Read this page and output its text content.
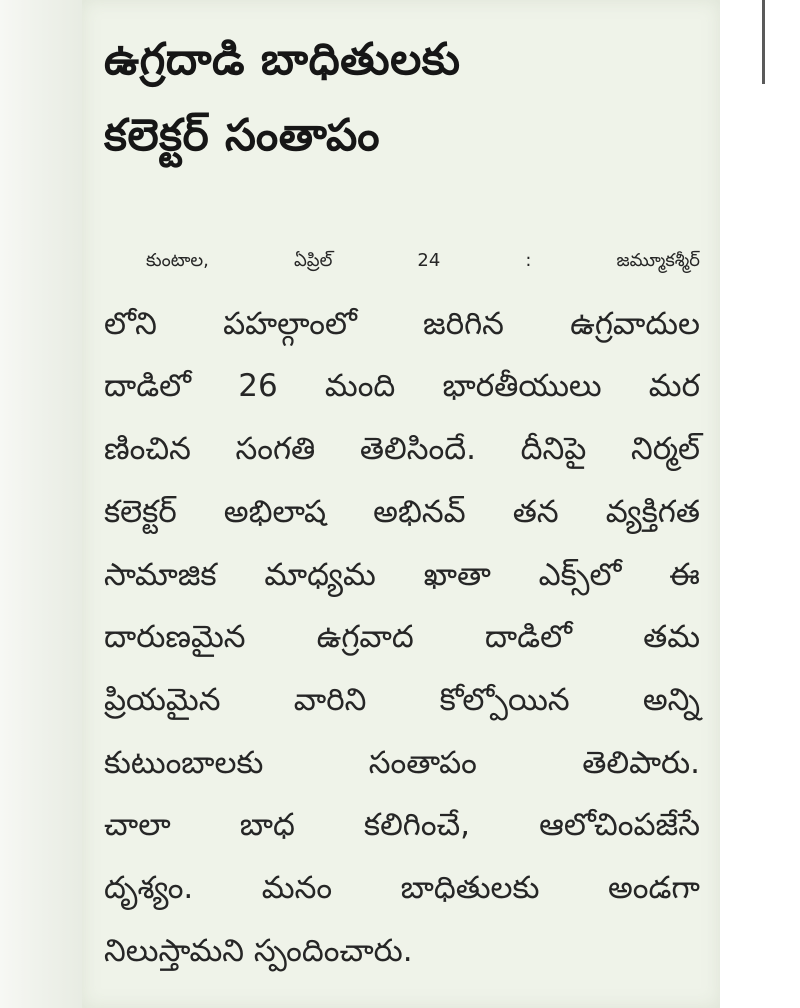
ఉగ్రదాడి బాధితులకు
కలెక్టర్ సంతాపం
కుంటాల,	ఏప్రిల్	24	:	జమ్మూకశ్మీర్
లోని పహల్గాంలో జరిగిన ఉగ్రవాదుల
దాడిలో 26 మంది భారతీయులు మర
ణించిన సంగతి తెలిసిందే. దీనిపై నిర్మల్
కలెక్టర్ అభిలాష అభినవ్ తన వ్యక్తిగత
సామాజిక మాధ్యమ ఖాతా ఎక్స్‌లో ఈ
దారుణమైన ఉగ్రవాద దాడిలో తమ
ప్రియమైన వారిని కోల్పోయిన అన్ని
కుటుంబాలకు	సంతాపం	తెలిపారు.
చాలా బాధ కలిగించే, ఆలోచింపజేసే
దృశ్యం. మనం బాధితులకు అండగా
నిలుస్తామని స్పందించారు.
